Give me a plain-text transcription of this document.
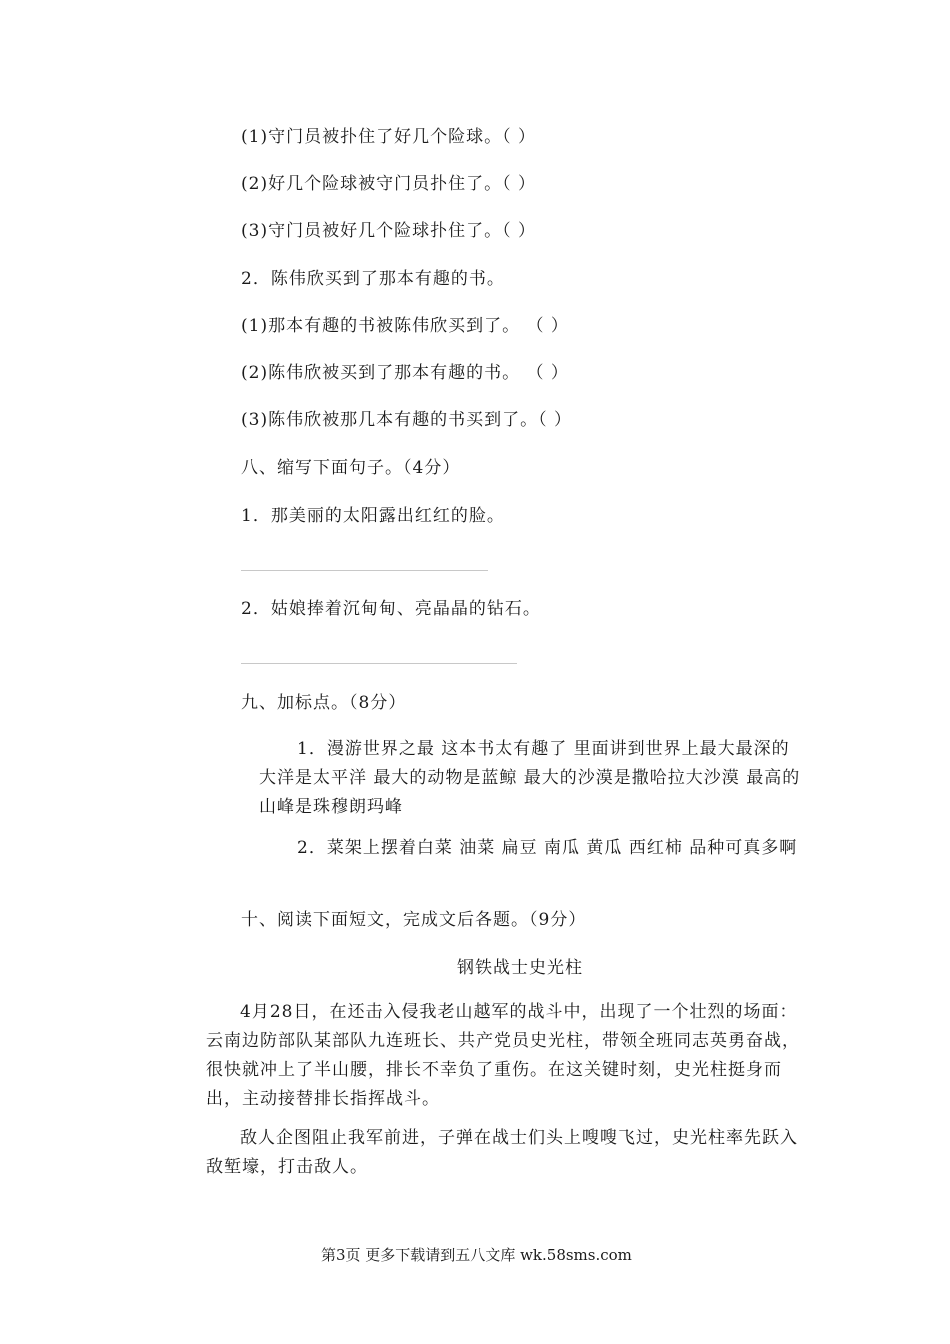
(1)守门员被扑住了好几个险球。（ ）
(2)好几个险球被守门员扑住了。（ ）
(3)守门员被好几个险球扑住了。（ ）
2．陈伟欣买到了那本有趣的书。
(1)那本有趣的书被陈伟欣买到了。 （ ）
(2)陈伟欣被买到了那本有趣的书。 （ ）
(3)陈伟欣被那几本有趣的书买到了。（ ）
八、缩写下面句子。（4分）
1．那美丽的太阳露出红红的脸。
2．姑娘捧着沉甸甸、亮晶晶的钻石。
九、加标点。（8分）
1．漫游世界之最 这本书太有趣了 里面讲到世界上最大最深的大洋是太平洋 最大的动物是蓝鲸 最大的沙漠是撒哈拉大沙漠 最高的山峰是珠穆朗玛峰
2．菜架上摆着白菜 油菜 扁豆 南瓜 黄瓜 西红柿 品种可真多啊
十、阅读下面短文，完成文后各题。（9分）
钢铁战士史光柱
4月28日，在还击入侵我老山越军的战斗中，出现了一个壮烈的场面：云南边防部队某部队九连班长、共产党员史光柱，带领全班同志英勇奋战，很快就冲上了半山腰，排长不幸负了重伤。在这关键时刻，史光柱挺身而出，主动接替排长指挥战斗。
敌人企图阻止我军前进，子弹在战士们头上嗖嗖飞过，史光柱率先跃入敌堑壕，打击敌人。
第3页 更多下载请到五八文库 wk.58sms.com
